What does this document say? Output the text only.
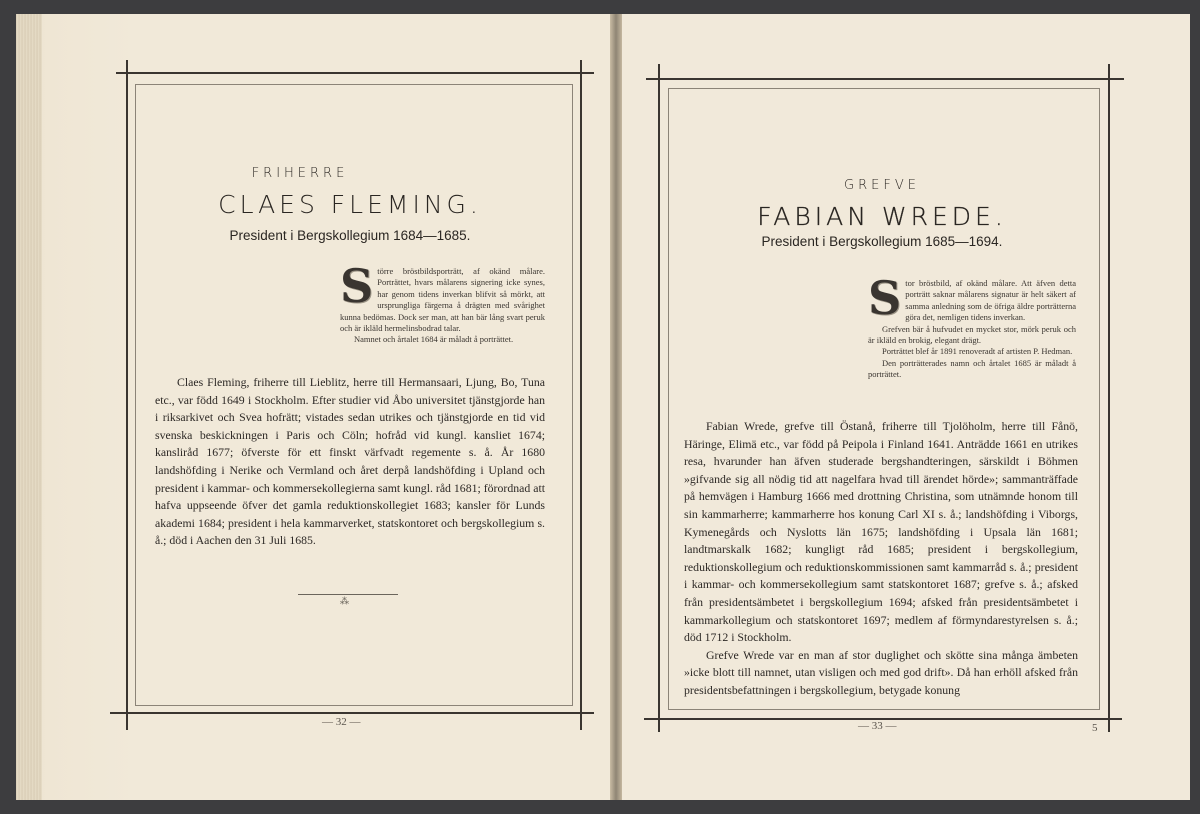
FRIHERRE
CLAES FLEMING.
President i Bergskollegium 1684—1685.
S törre bröstbildsporträtt, af okänd målare. Porträttet, hvars målarens signering icke synes, har genom tidens inverkan blifvit så mörkt, att ursprungliga färgerna å drägten med svårighet kunna bedömas. Dock ser man, att han bär lång svart peruk och är ikläld hermelinsbodrad talar.

Namnet och årtalet 1684 är måladt å porträttet.

Claes Fleming, friherre till Lieblitz, herre till Hermansaari, Ljung, Bo, Tuna etc., var född 1649 i Stockholm. Efter studier vid Åbo universitet tjänstgjorde han i riksarkivet och Svea hofrätt; vistades sedan utrikes och tjänstgjorde en tid vid svenska beskickningen i Paris och Cöln; hofråd vid kungl. kansliet 1674; kansliråd 1677; öfverste för ett finskt värfvadt regemente s. å. År 1680 landshöfding i Nerike och Vermland och året derpå landshöfding i Upland och president i kammar- och kommersekollegierna samt kungl. råd 1681; förordnad att hafva uppseende öfver det gamla reduktionskollegiet 1683; kansler för Lunds akademi 1684; president i hela kammarverket, statskontoret och bergskollegium s. å.; död i Aachen den 31 Juli 1685.

⁂
— 32 —
GREFVE
FABIAN WREDE.
President i Bergskollegium 1685—1694.
S tor bröstbild, af okänd målare. Att äfven detta porträtt saknar målarens signatur är helt säkert af samma anledning som de öfriga äldre porträtterna göra det, nemligen tidens inverkan.

Grefven bär å hufvudet en mycket stor, mörk peruk och är ikläld en brokig, elegant drägt.

Porträttet blef år 1891 renoveradt af artisten P. Hedman.

Den porträtterades namn och årtalet 1685 är måladt å porträttet.

Fabian Wrede, grefve till Östanå, friherre till Tjolöholm, herre till Fånö, Häringe, Elimä etc., var född på Peipola i Finland 1641. Anträdde 1661 en utrikes resa, hvarunder han äfven studerade bergshandteringen, särskildt i Böhmen »gifvande sig all nödig tid att nagelfara hvad till ärendet hörde»; sammanträffade på hemvägen i Hamburg 1666 med drottning Christina, som utnämnde honom till sin kammarherre; kammarherre hos konung Carl XI s. å.; landshöfding i Viborgs, Kymenegårds och Nyslotts län 1675; landshöfding i Upsala län 1681; landtmarskalk 1682; kungligt råd 1685; president i bergskollegium, reduktionskollegium och reduktionskommissionen samt kammarråd s. å.; president i kammar- och kommersekollegium samt statskontoret 1687; grefve s. å.; afsked från presidentsämbetet i bergskollegium 1694; afsked från presidentsämbetet i kammarkollegium och statskontoret 1697; medlem af förmyndarestyrelsen s. å.; död 1712 i Stockholm.

Grefve Wrede var en man af stor duglighet och skötte sina många ämbeten »icke blott till namnet, utan visligen och med god drift». Då han erhöll afsked från presidentsbefattningen i bergskollegium, betygade konung

— 33 —	5
